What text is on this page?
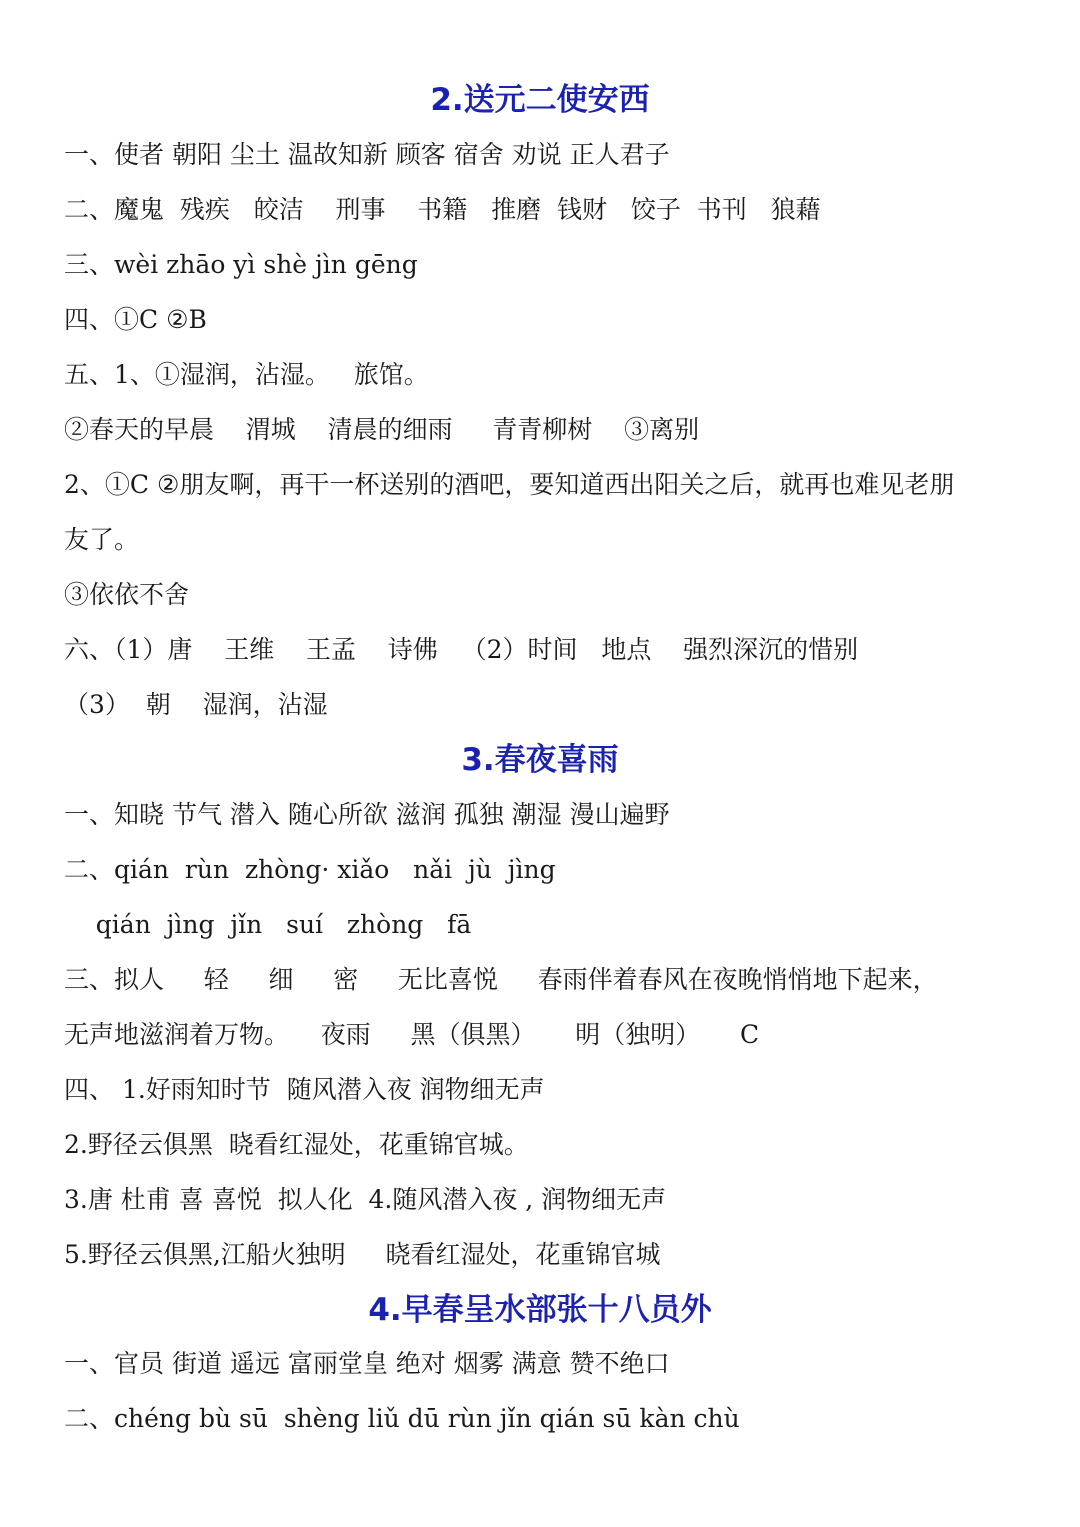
2.送元二使安西
一、使者 朝阳 尘土 温故知新 顾客 宿舍 劝说 正人君子
二、魔鬼  残疾   皎洁    刑事    书籍   推磨  钱财   饺子  书刊   狼藉
三、wèi zhāo yì shè jìn gēng
四、①C ②B
五、1、①湿润，沾湿。   旅馆。
②春天的早晨    渭城    清晨的细雨     青青柳树    ③离别
2、①C ②朋友啊，再干一杯送别的酒吧，要知道西出阳关之后，就再也难见老朋
友了。
③依依不舍
六、（1）唐    王维    王孟    诗佛   （2）时间   地点    强烈深沉的惜别
（3）  朝    湿润，沾湿
3.春夜喜雨
一、知晓 节气 潜入 随心所欲 滋润 孤独 潮湿 漫山遍野
二、qián  rùn  zhòng· xiǎo   nǎi  jù  jìng
qián  jìng  jǐn   suí   zhòng   fā
三、拟人     轻     细     密     无比喜悦     春雨伴着春风在夜晚悄悄地下起来，
无声地滋润着万物。    夜雨     黑（俱黑）     明（独明）     C
四、 1.好雨知时节  随风潜入夜 润物细无声
2.野径云俱黑  晓看红湿处，花重锦官城。
3.唐 杜甫 喜 喜悦  拟人化  4.随风潜入夜 , 润物细无声
5.野径云俱黑,江船火独明     晓看红湿处，花重锦官城
4.早春呈水部张十八员外
一、官员 街道 遥远 富丽堂皇 绝对 烟雾 满意 赞不绝口
二、chéng bù sū  shèng liǔ dū rùn jǐn qián sū kàn chù
